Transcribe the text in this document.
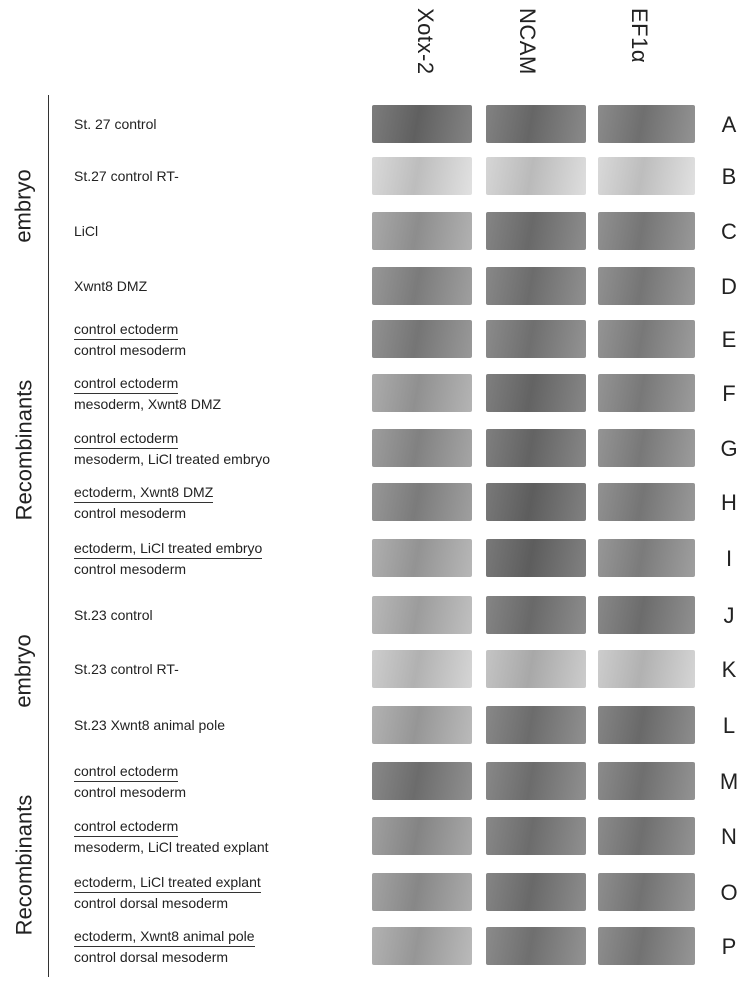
Xotx-2	NCAM	EF1α
St. 27 control	A
St.27 control RT-	B
LiCl	C
Xwnt8 DMZ	D
control ectoderm
control mesoderm	E
control ectoderm
mesoderm, Xwnt8 DMZ	F
control ectoderm
mesoderm, LiCl treated embryo	G
ectoderm, Xwnt8 DMZ
control mesoderm	H
ectoderm, LiCl treated embryo
control mesoderm	I
St.23 control	J
St.23 control RT-	K
St.23 Xwnt8 animal pole	L
control ectoderm
control mesoderm	M
control ectoderm
mesoderm, LiCl treated explant	N
ectoderm, LiCl treated explant
control dorsal mesoderm	O
ectoderm, Xwnt8 animal pole
control dorsal mesoderm	P
embryo
Recombinants
embryo
Recombinants
